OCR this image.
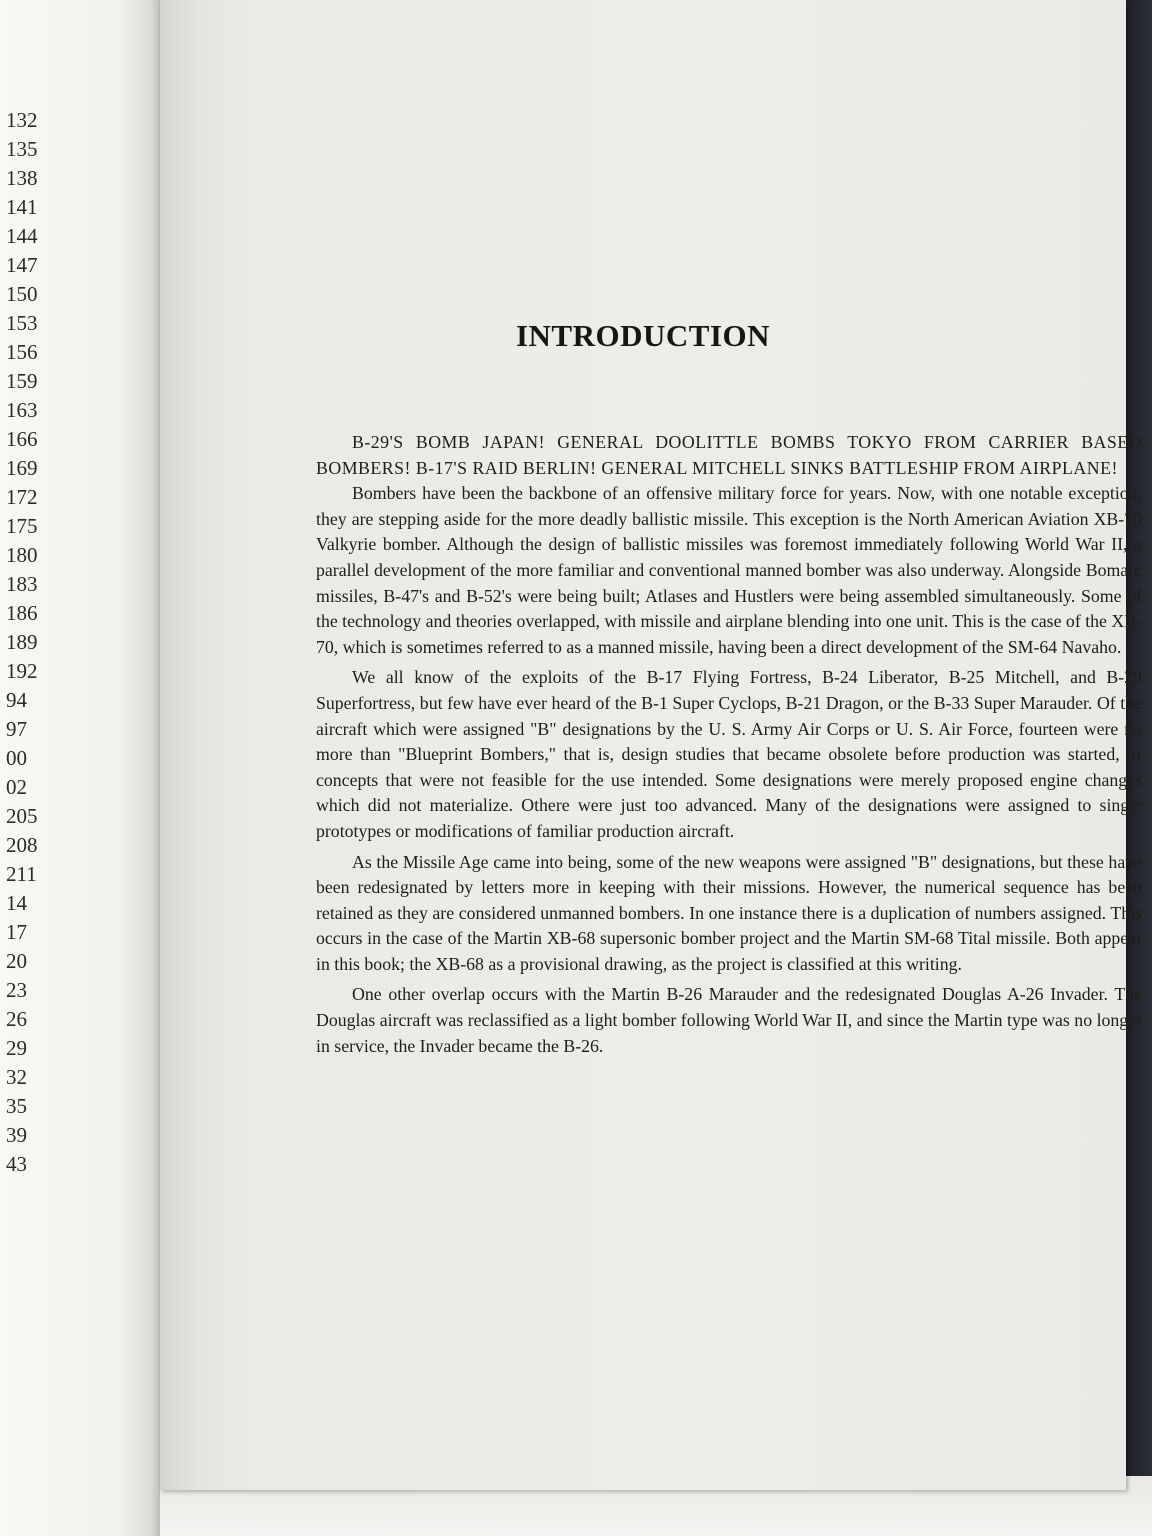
132
135
138
141
144
147
150
153
156
159
163
166
169
172
175
180
183
186
189
192
94
97
00
02
205
208
211
14
17
20
23
26
29
32
35
39
43
INTRODUCTION

B-29'S BOMB JAPAN! GENERAL DOOLITTLE BOMBS TOKYO FROM CARRIER BASED BOMBERS! B-17'S RAID BERLIN! GENERAL MITCHELL SINKS BATTLESHIP FROM AIRPLANE!

Bombers have been the backbone of an offensive military force for years. Now, with one notable exception, they are stepping aside for the more deadly ballistic missile. This exception is the North American Aviation XB-70 Valkyrie bomber. Although the design of ballistic missiles was foremost immediately following World War II, a parallel development of the more familiar and conventional manned bomber was also underway. Alongside Bomarc missiles, B-47's and B-52's were being built; Atlases and Hustlers were being assembled simultaneously. Some of the technology and theories overlapped, with missile and airplane blending into one unit. This is the case of the XB-70, which is sometimes referred to as a manned missile, having been a direct development of the SM-64 Navaho.

We all know of the exploits of the B-17 Flying Fortress, B-24 Liberator, B-25 Mitchell, and B-29 Superfortress, but few have ever heard of the B-1 Super Cyclops, B-21 Dragon, or the B-33 Super Marauder. Of the aircraft which were assigned "B" designations by the U. S. Army Air Corps or U. S. Air Force, fourteen were no more than "Blueprint Bombers," that is, design studies that became obsolete before production was started, or concepts that were not feasible for the use intended. Some designations were merely proposed engine changes which did not materialize. Othere were just too advanced. Many of the designations were assigned to single prototypes or modifications of familiar production aircraft.

As the Missile Age came into being, some of the new weapons were assigned "B" designations, but these have been redesignated by letters more in keeping with their missions. However, the numerical sequence has been retained as they are considered unmanned bombers. In one instance there is a duplication of numbers assigned. This occurs in the case of the Martin XB-68 supersonic bomber project and the Martin SM-68 Tital missile. Both appear in this book; the XB-68 as a provisional drawing, as the project is classified at this writing.

One other overlap occurs with the Martin B-26 Marauder and the redesignated Douglas A-26 Invader. The Douglas aircraft was reclassified as a light bomber following World War II, and since the Martin type was no longer in service, the Invader became the B-26.
